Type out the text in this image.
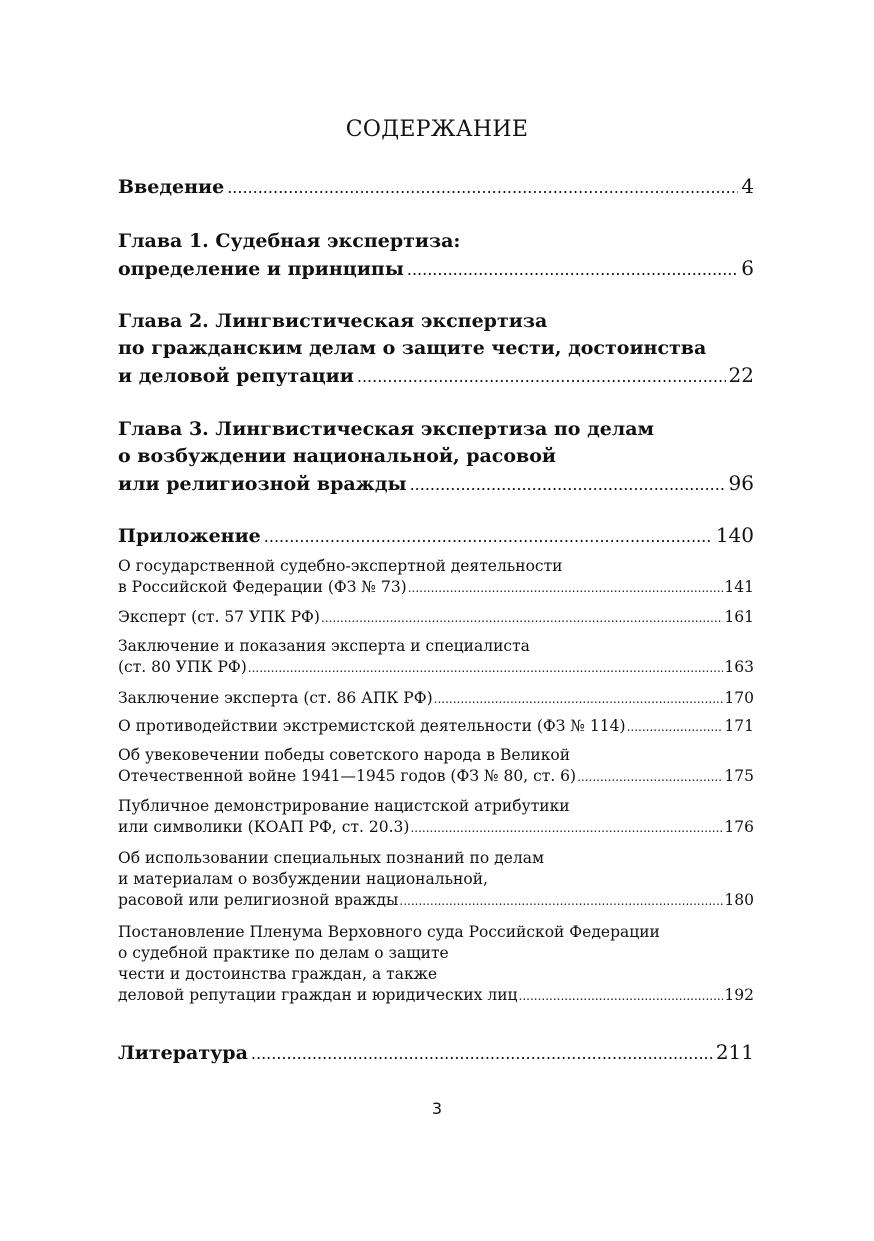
СОДЕРЖАНИЕ
Введение .....	4
Глава 1. Судебная экспертиза:
определение и принципы .....	6
Глава 2. Лингвистическая экспертиза
по гражданским делам о защите чести, достоинства
и деловой репутации .....	22
Глава 3. Лингвистическая экспертиза по делам
о возбуждении национальной, расовой
или религиозной вражды .....	96
Приложение .....	140
О государственной судебно-экспертной деятельности
в Российской Федерации (ФЗ № 73) .....	141
Эксперт (ст. 57 УПК РФ) .....	161
Заключение и показания эксперта и специалиста
(ст. 80 УПК РФ) .....	163
Заключение эксперта (ст. 86 АПК РФ) .....	170
О противодействии экстремистской деятельности (ФЗ № 114) .....	171
Об увековечении победы советского народа в Великой
Отечественной войне 1941—1945 годов (ФЗ № 80, ст. 6) .....	175
Публичное демонстрирование нацистской атрибутики
или символики (КОАП РФ, ст. 20.3) .....	176
Об использовании специальных познаний по делам
и материалам о возбуждении национальной,
расовой или религиозной вражды .....	180
Постановление Пленума Верховного суда Российской Федерации
о судебной практике по делам о защите
чести и достоинства граждан, а также
деловой репутации граждан и юридических лиц .....	192
Литература .....	211
3
